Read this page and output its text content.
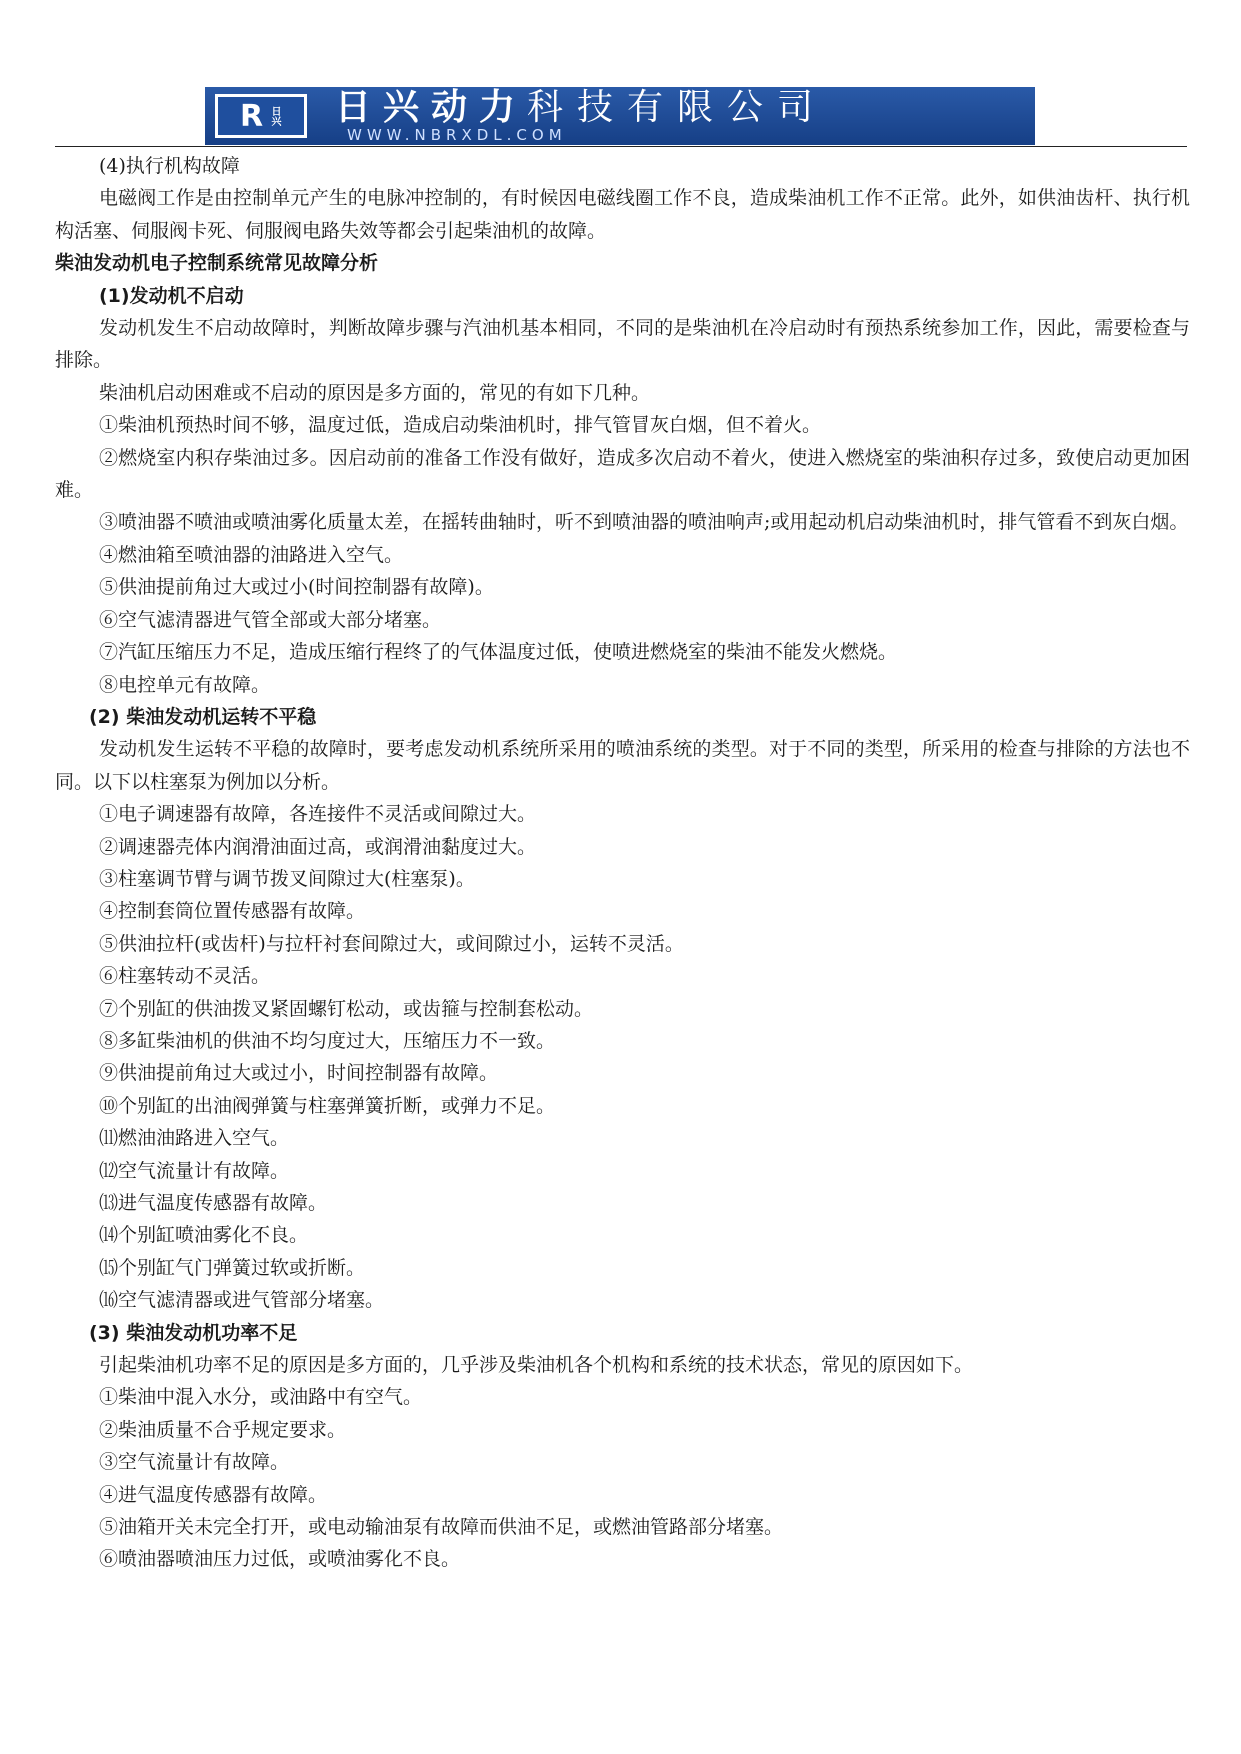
R 日兴 日兴动力科技有限公司
WWW.NBRXDL.COM
(4)执行机构故障
电磁阀工作是由控制单元产生的电脉冲控制的，有时候因电磁线圈工作不良，造成柴油机工作不正常。此外，如供油齿杆、执行机构活塞、伺服阀卡死、伺服阀电路失效等都会引起柴油机的故障。
柴油发动机电子控制系统常见故障分析
(1)发动机不启动
发动机发生不启动故障时，判断故障步骤与汽油机基本相同，不同的是柴油机在冷启动时有预热系统参加工作，因此，需要检查与排除。
柴油机启动困难或不启动的原因是多方面的，常见的有如下几种。
①柴油机预热时间不够，温度过低，造成启动柴油机时，排气管冒灰白烟，但不着火。
②燃烧室内积存柴油过多。因启动前的准备工作没有做好，造成多次启动不着火，使进入燃烧室的柴油积存过多，致使启动更加困难。
③喷油器不喷油或喷油雾化质量太差，在摇转曲轴时，听不到喷油器的喷油响声;或用起动机启动柴油机时，排气管看不到灰白烟。
④燃油箱至喷油器的油路进入空气。
⑤供油提前角过大或过小(时间控制器有故障)。
⑥空气滤清器进气管全部或大部分堵塞。
⑦汽缸压缩压力不足，造成压缩行程终了的气体温度过低，使喷进燃烧室的柴油不能发火燃烧。
⑧电控单元有故障。
(2) 柴油发动机运转不平稳
发动机发生运转不平稳的故障时，要考虑发动机系统所采用的喷油系统的类型。对于不同的类型，所采用的检查与排除的方法也不同。以下以柱塞泵为例加以分析。
①电子调速器有故障，各连接件不灵活或间隙过大。
②调速器壳体内润滑油面过高，或润滑油黏度过大。
③柱塞调节臂与调节拨叉间隙过大(柱塞泵)。
④控制套筒位置传感器有故障。
⑤供油拉杆(或齿杆)与拉杆衬套间隙过大，或间隙过小，运转不灵活。
⑥柱塞转动不灵活。
⑦个别缸的供油拨叉紧固螺钉松动，或齿箍与控制套松动。
⑧多缸柴油机的供油不均匀度过大，压缩压力不一致。
⑨供油提前角过大或过小，时间控制器有故障。
⑩个别缸的出油阀弹簧与柱塞弹簧折断，或弹力不足。
⑾燃油油路进入空气。
⑿空气流量计有故障。
⒀进气温度传感器有故障。
⒁个别缸喷油雾化不良。
⒂个别缸气门弹簧过软或折断。
⒃空气滤清器或进气管部分堵塞。
(3) 柴油发动机功率不足
引起柴油机功率不足的原因是多方面的，几乎涉及柴油机各个机构和系统的技术状态，常见的原因如下。
①柴油中混入水分，或油路中有空气。
②柴油质量不合乎规定要求。
③空气流量计有故障。
④进气温度传感器有故障。
⑤油箱开关未完全打开，或电动输油泵有故障而供油不足，或燃油管路部分堵塞。
⑥喷油器喷油压力过低，或喷油雾化不良。
